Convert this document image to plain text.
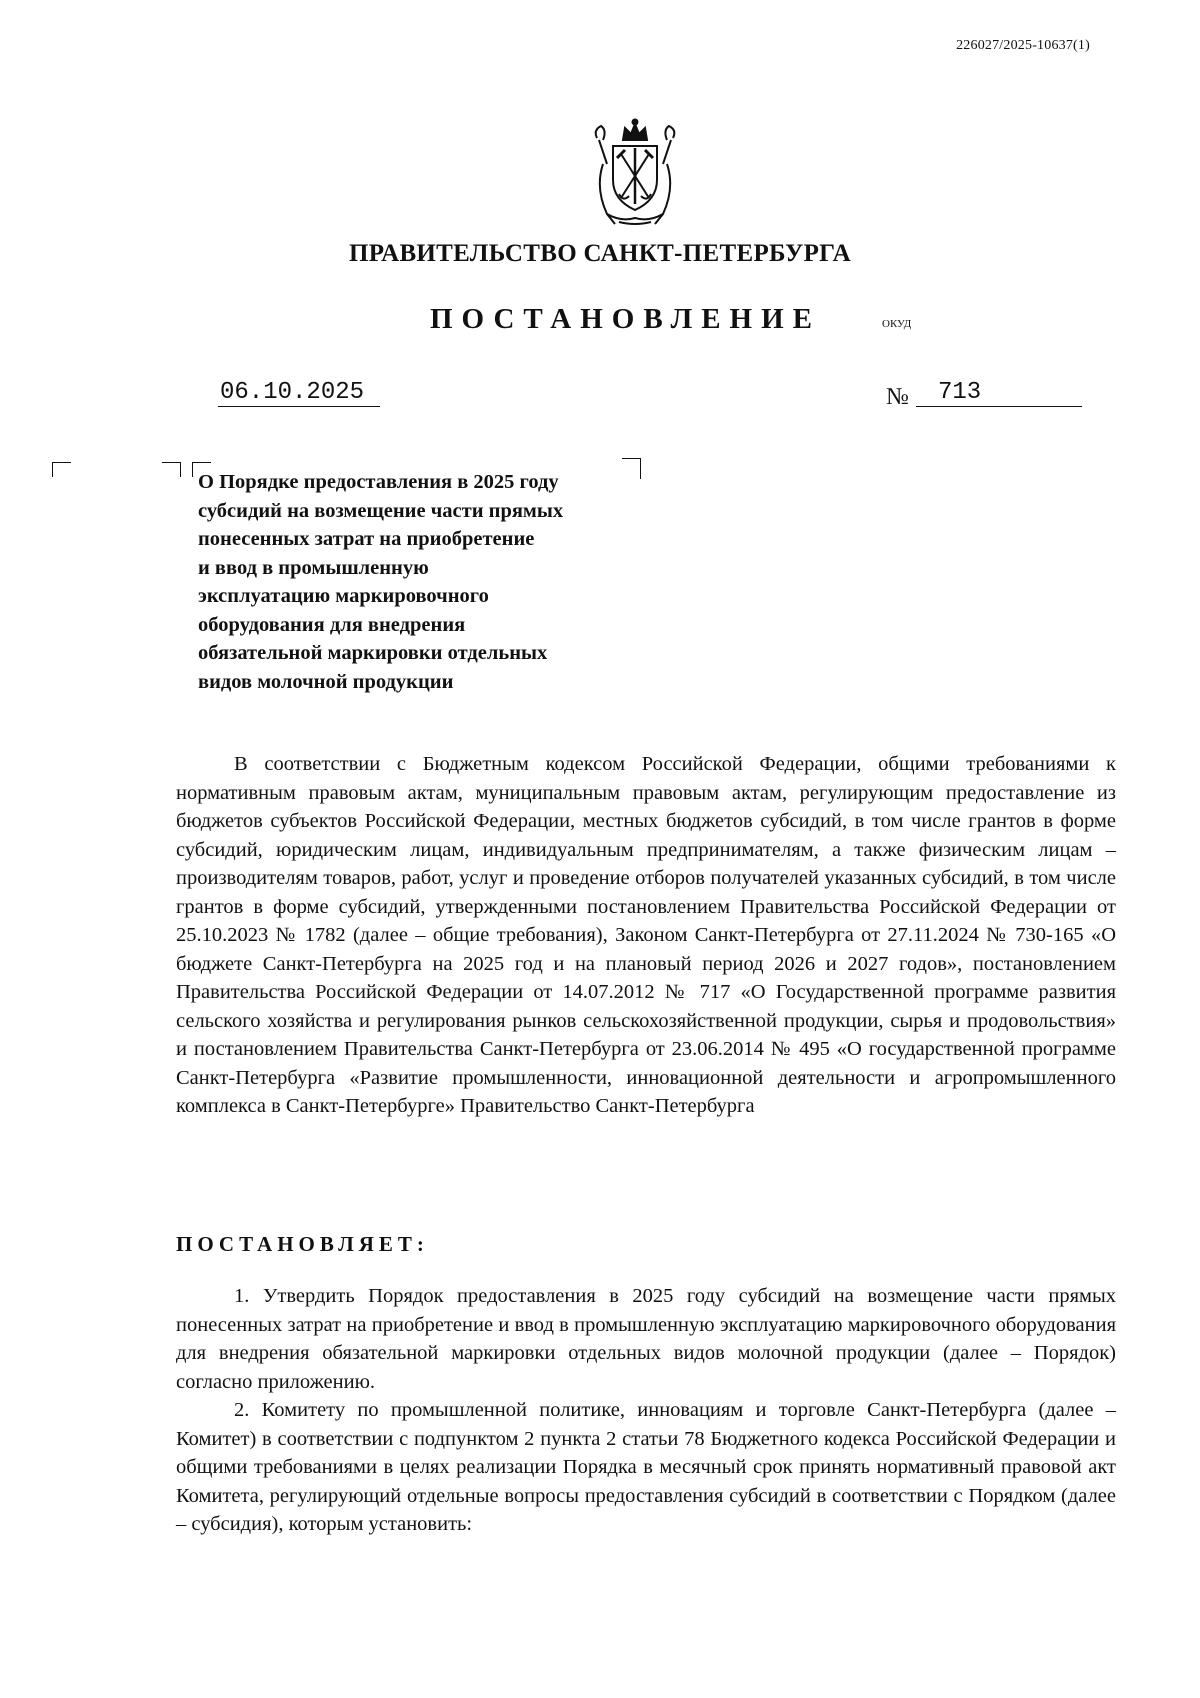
226027/2025-10637(1)
ПРАВИТЕЛЬСТВО САНКТ-ПЕТЕРБУРГА
ПОСТАНОВЛЕНИЕ	ОКУД
06.10.2025	№	713
О Порядке предоставления в 2025 году
субсидий на возмещение части прямых
понесенных затрат на приобретение
и ввод в промышленную
эксплуатацию маркировочного
оборудования для внедрения
обязательной маркировки отдельных
видов молочной продукции
В соответствии с Бюджетным кодексом Российской Федерации, общими требованиями к нормативным правовым актам, муниципальным правовым актам, регулирующим предоставление из бюджетов субъектов Российской Федерации, местных бюджетов субсидий, в том числе грантов в форме субсидий, юридическим лицам, индивидуальным предпринимателям, а также физическим лицам – производителям товаров, работ, услуг и проведение отборов получателей указанных субсидий, в том числе грантов в форме субсидий, утвержденными постановлением Правительства Российской Федерации от 25.10.2023 № 1782 (далее – общие требования), Законом Санкт-Петербурга от 27.11.2024 № 730-165 «О бюджете Санкт-Петербурга на 2025 год и на плановый период 2026 и 2027 годов», постановлением Правительства Российской Федерации от 14.07.2012 № 717 «О Государственной программе развития сельского хозяйства и регулирования рынков сельскохозяйственной продукции, сырья и продовольствия» и постановлением Правительства Санкт-Петербурга от 23.06.2014 № 495 «О государственной программе Санкт-Петербурга «Развитие промышленности, инновационной деятельности и агропромышленного комплекса в Санкт-Петербурге» Правительство Санкт-Петербурга
ПОСТАНОВЛЯЕТ:
1. Утвердить Порядок предоставления в 2025 году субсидий на возмещение части прямых понесенных затрат на приобретение и ввод в промышленную эксплуатацию маркировочного оборудования для внедрения обязательной маркировки отдельных видов молочной продукции (далее – Порядок) согласно приложению.
2. Комитету по промышленной политике, инновациям и торговле Санкт-Петербурга (далее – Комитет) в соответствии с подпунктом 2 пункта 2 статьи 78 Бюджетного кодекса Российской Федерации и общими требованиями в целях реализации Порядка в месячный срок принять нормативный правовой акт Комитета, регулирующий отдельные вопросы предоставления субсидий в соответствии с Порядком (далее – субсидия), которым установить:
